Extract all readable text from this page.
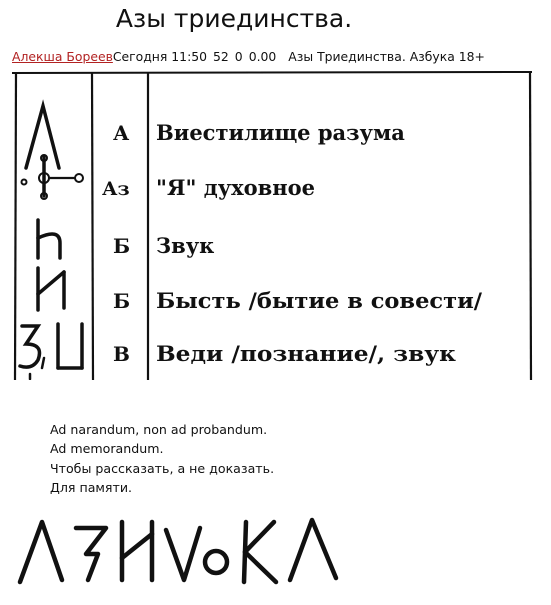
Азы триединства.
Алекша БореевСегодня 11:50 52 0 0.00 Азы Триединства. Азбука 18+
А
Аз
Б
Б
В
Виестилище разума
"Я" духовное
Звук
Бысть /бытие в совести/
Веди /познание/, звук
Ad narandum, non ad probandum.
Ad memorandum.
Чтобы рассказать, а не доказать.
Для памяти.
